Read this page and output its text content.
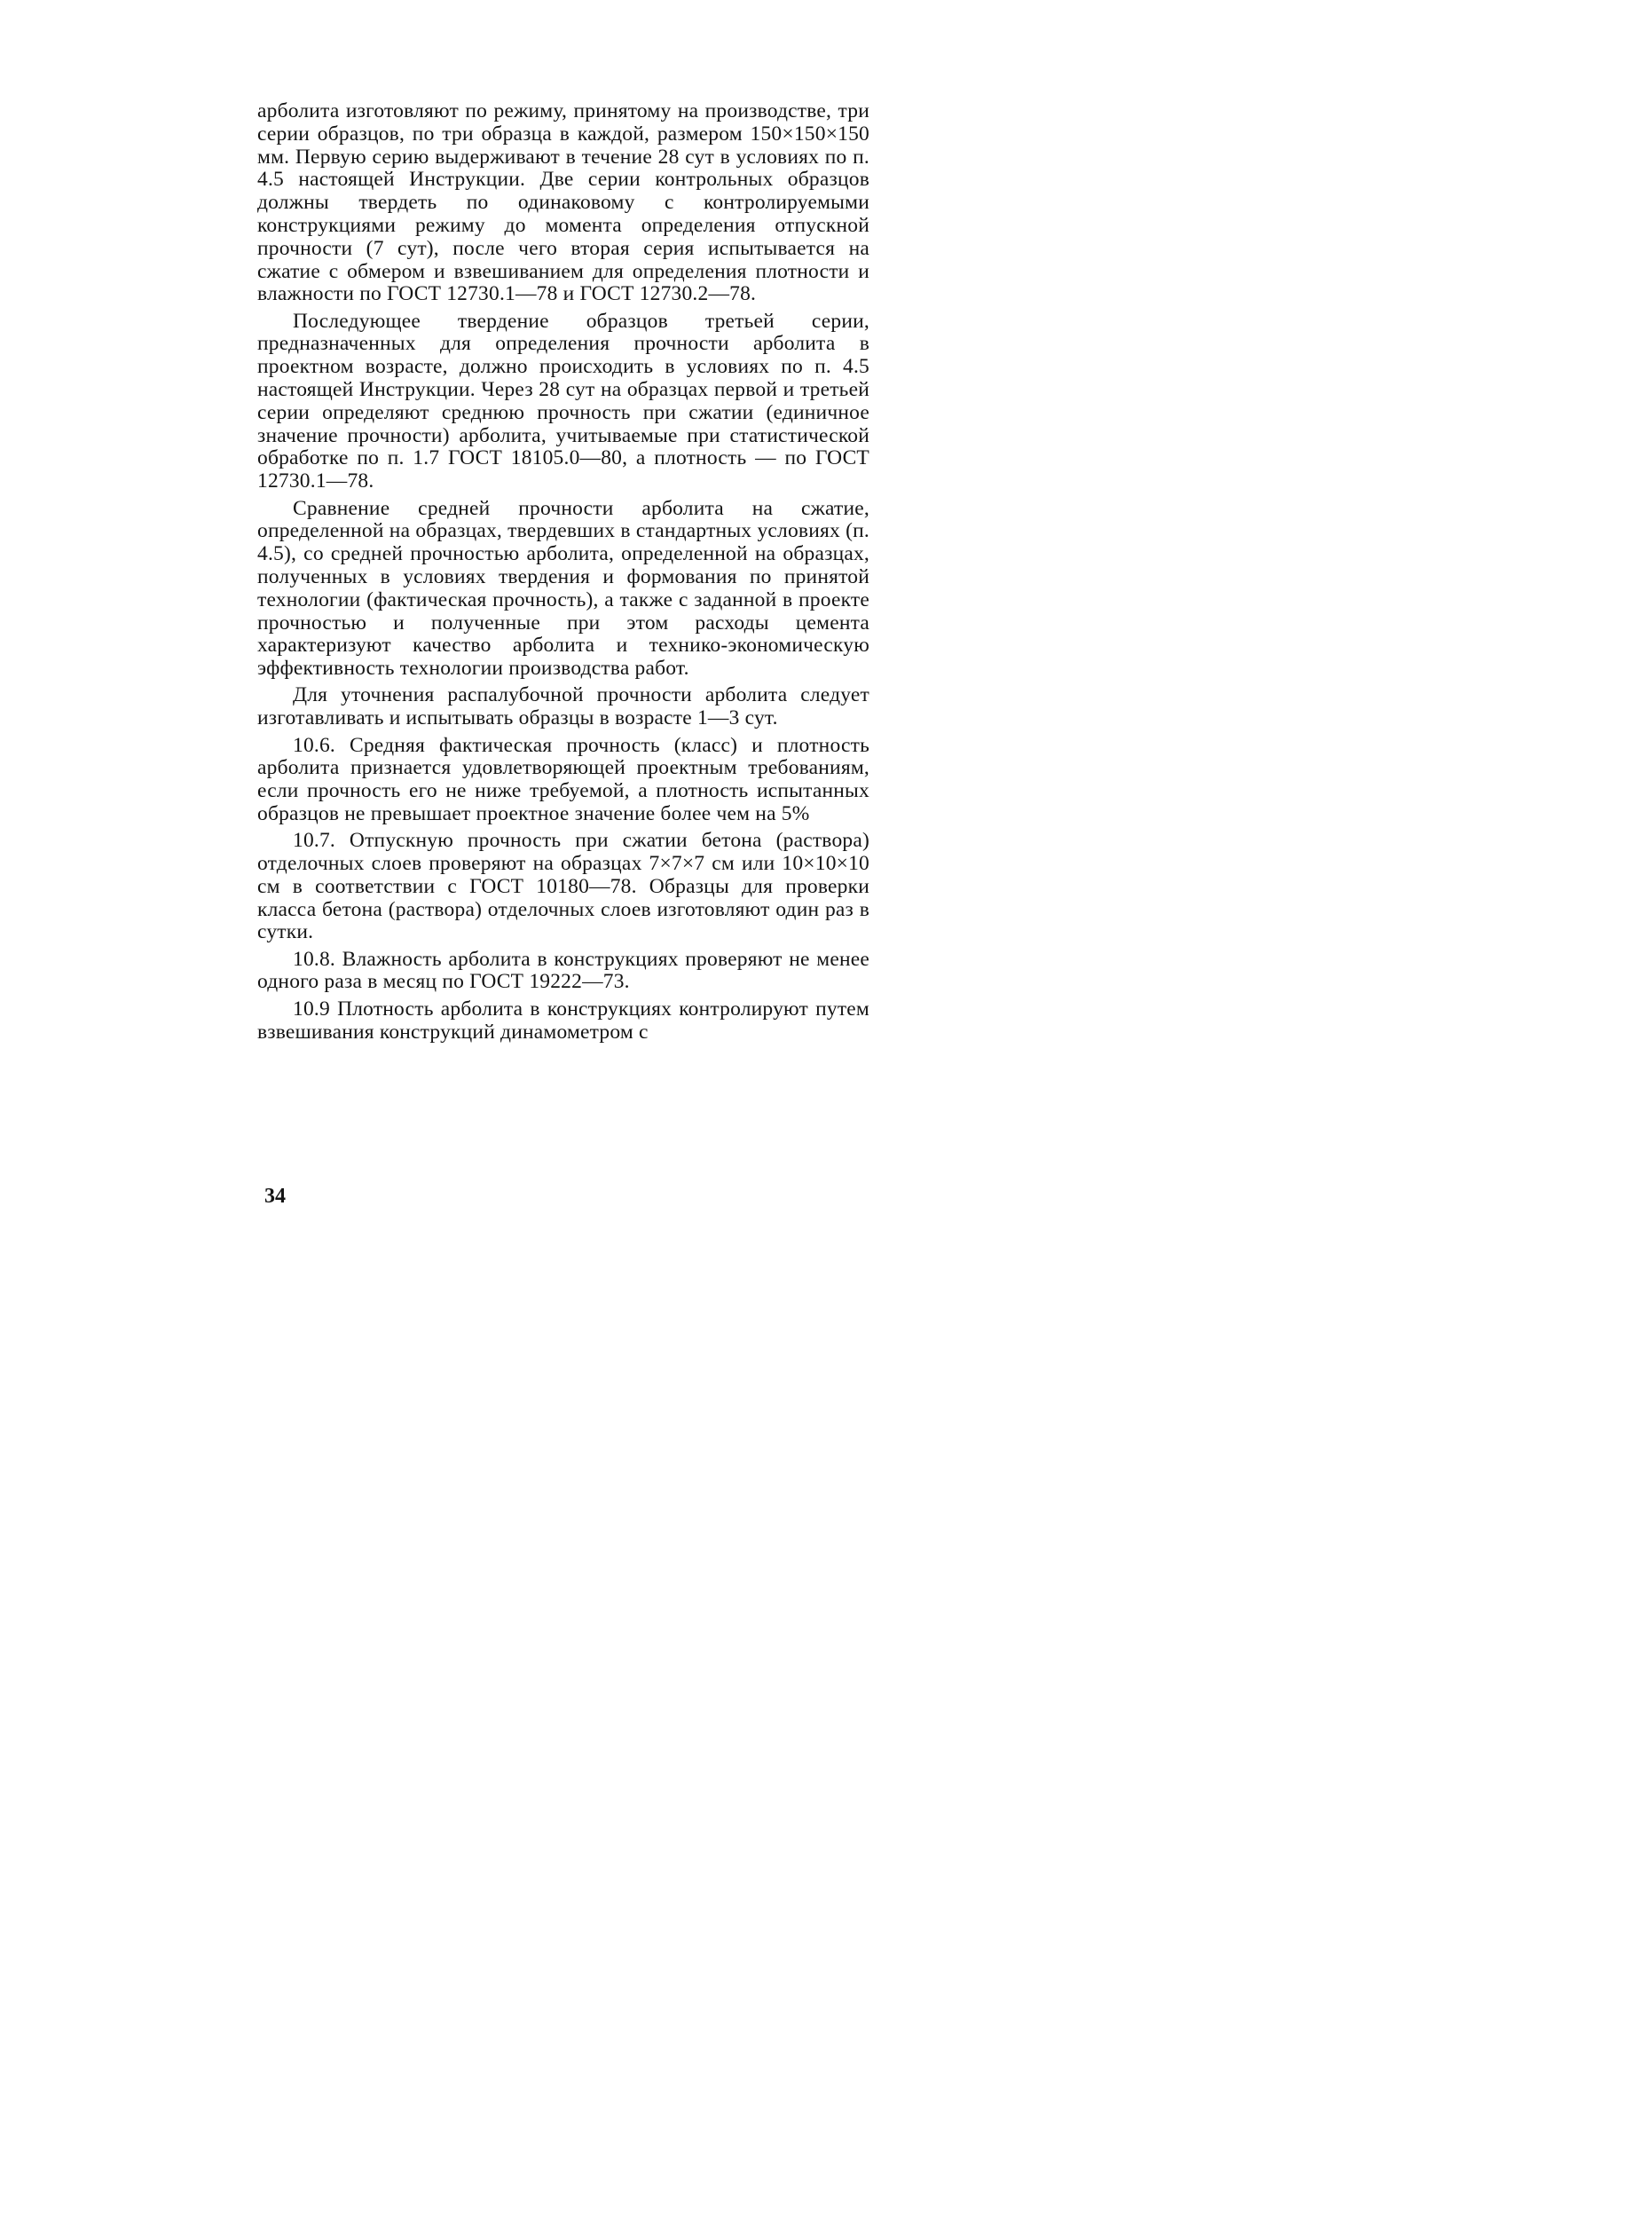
арболита изготовляют по режиму, принятому на производстве, три серии образцов, по три образца в каждой, размером 150×150×150 мм. Первую серию выдерживают в течение 28 сут в условиях по п. 4.5 настоящей Инструкции. Две серии контрольных образцов должны твердеть по одинаковому с контролируемыми конструкциями режиму до момента определения отпускной прочности (7 сут), после чего вторая серия испытывается на сжатие с обмером и взвешиванием для определения плотности и влажности по ГОСТ 12730.1—78 и ГОСТ 12730.2—78.

Последующее твердение образцов третьей серии, предназначенных для определения прочности арболита в проектном возрасте, должно происходить в условиях по п. 4.5 настоящей Инструкции. Через 28 сут на образцах первой и третьей серии определяют среднюю прочность при сжатии (единичное значение прочности) арболита, учитываемые при статистической обработке по п. 1.7 ГОСТ 18105.0—80, а плотность — по ГОСТ 12730.1—78.

Сравнение средней прочности арболита на сжатие, определенной на образцах, твердевших в стандартных условиях (п. 4.5), со средней прочностью арболита, определенной на образцах, полученных в условиях твердения и формования по принятой технологии (фактическая прочность), а также с заданной в проекте прочностью и полученные при этом расходы цемента характеризуют качество арболита и технико-экономическую эффективность технологии производства работ.

Для уточнения распалубочной прочности арболита следует изготавливать и испытывать образцы в возрасте 1—3 сут.

10.6. Средняя фактическая прочность (класс) и плотность арболита признается удовлетворяющей проектным требованиям, если прочность его не ниже требуемой, а плотность испытанных образцов не превышает проектное значение более чем на 5%

10.7. Отпускную прочность при сжатии бетона (раствора) отделочных слоев проверяют на образцах 7×7×7 см или 10×10×10 см в соответствии с ГОСТ 10180—78. Образцы для проверки класса бетона (раствора) отделочных слоев изготовляют один раз в сутки.

10.8. Влажность арболита в конструкциях проверяют не менее одного раза в месяц по ГОСТ 19222—73.

10.9 Плотность арболита в конструкциях контролируют путем взвешивания конструкций динамометром с

34
